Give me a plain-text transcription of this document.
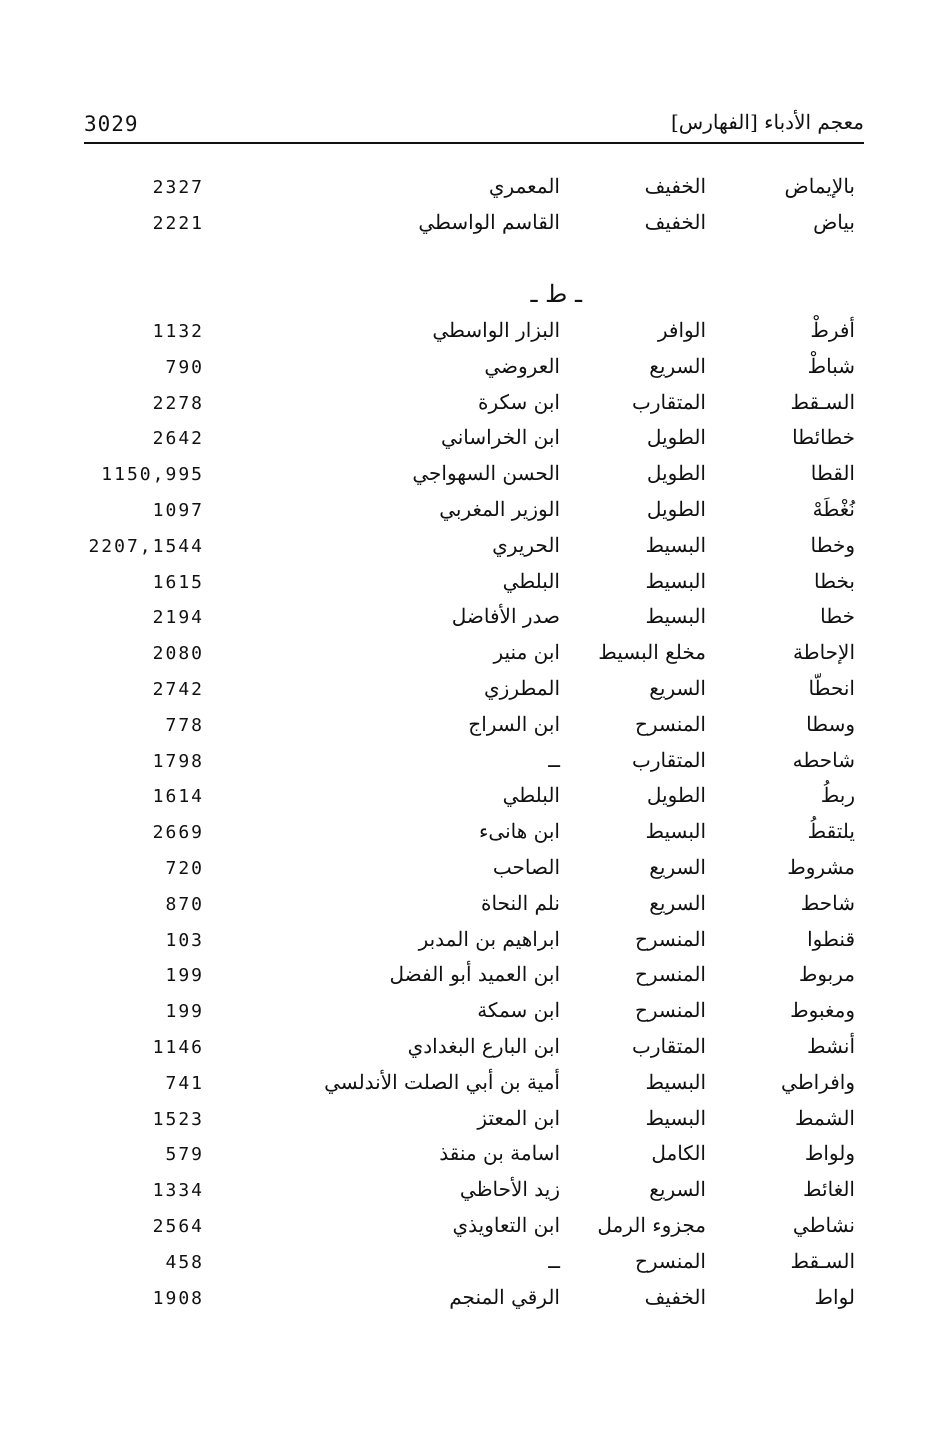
3029	معجم الأدباء [الفهارس]
بالإيماض
الخفيف
المعمري
2327
بياض
الخفيف
القاسم الواسطي
2221
ـ ط ـ
أفرطْ
الوافر
البزار الواسطي
1132
شباطْ
السريع
العروضي
790
السـقط
المتقارب
ابن سكرة
2278
خطائطا
الطويل
ابن الخراساني
2642
القطا
الطويل
الحسن السهواجي
1150,995
نُغْطَهْ
الطويل
الوزير المغربي
1097
وخطا
البسيط
الحريري
2207,1544
بخطا
البسيط
البلطي
1615
خطا
البسيط
صدر الأفاضل
2194
الإحاطة
مخلع البسيط
ابن منير
2080
انحطّا
السريع
المطرزي
2742
وسطا
المنسرح
ابن السراج
778
شاحطه
المتقارب
ــ
1798
ربطُ
الطويل
البلطي
1614
يلتقطُ
البسيط
ابن هانىء
2669
مشروط
السريع
الصاحب
720
شاحط
السريع
نلم النحاة
870
قنطوا
المنسرح
ابراهيم بن المدبر
103
مربوط
المنسرح
ابن العميد أبو الفضل
199
ومغبوط
المنسرح
ابن سمكة
199
أنشط
المتقارب
ابن البارع البغدادي
1146
وافراطي
البسيط
أمية بن أبي الصلت الأندلسي
741
الشمط
البسيط
ابن المعتز
1523
ولواط
الكامل
اسامة بن منقذ
579
الغائط
السريع
زيد الأحاظي
1334
نشاطي
مجزوء الرمل
ابن التعاويذي
2564
السـقط
المنسرح
ــ
458
لواط
الخفيف
الرقي المنجم
1908
